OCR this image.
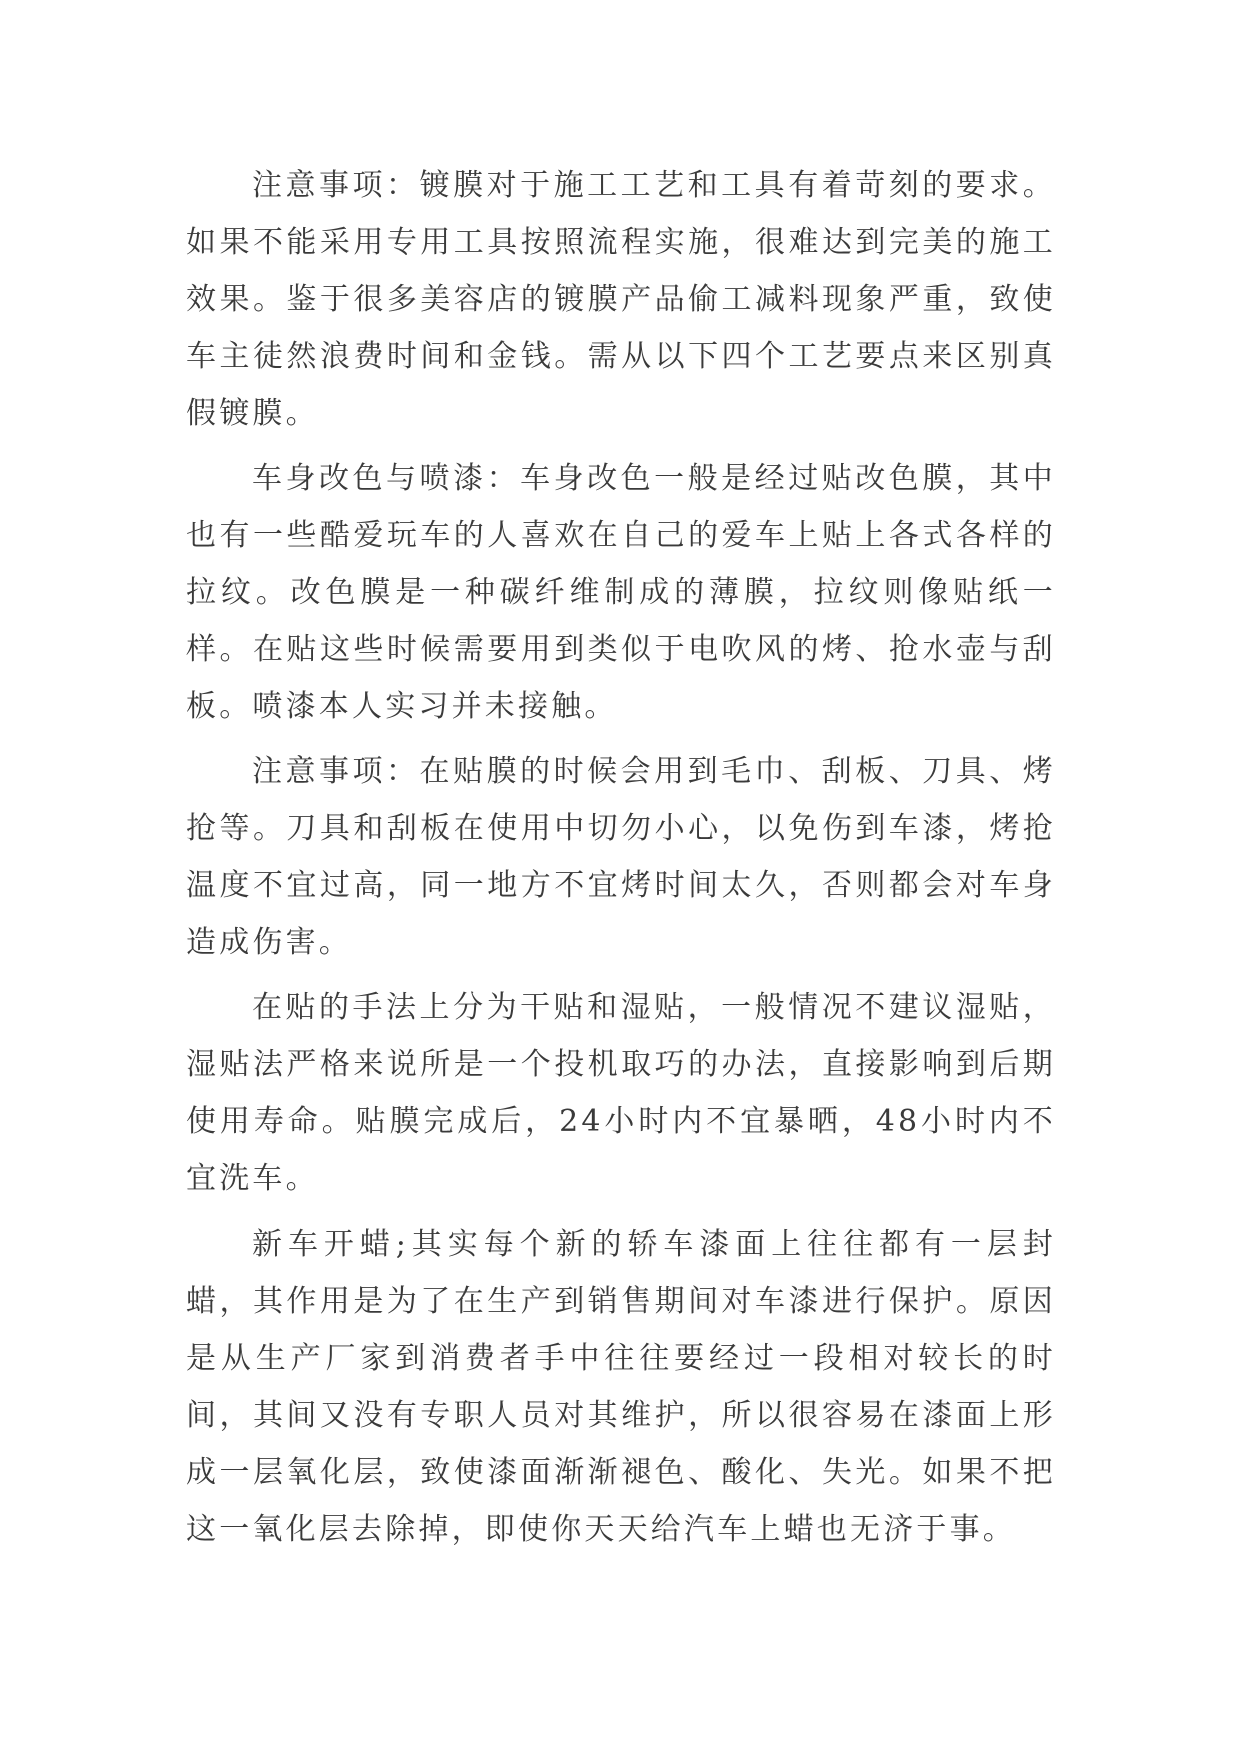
注意事项：镀膜对于施工工艺和工具有着苛刻的要求。如果不能采用专用工具按照流程实施，很难达到完美的施工效果。鉴于很多美容店的镀膜产品偷工减料现象严重，致使车主徒然浪费时间和金钱。需从以下四个工艺要点来区别真假镀膜。

车身改色与喷漆：车身改色一般是经过贴改色膜，其中也有一些酷爱玩车的人喜欢在自己的爱车上贴上各式各样的拉纹。改色膜是一种碳纤维制成的薄膜，拉纹则像贴纸一样。在贴这些时候需要用到类似于电吹风的烤、抢水壶与刮板。喷漆本人实习并未接触。

注意事项：在贴膜的时候会用到毛巾、刮板、刀具、烤抢等。刀具和刮板在使用中切勿小心，以免伤到车漆，烤抢温度不宜过高，同一地方不宜烤时间太久，否则都会对车身造成伤害。

在贴的手法上分为干贴和湿贴，一般情况不建议湿贴，湿贴法严格来说所是一个投机取巧的办法，直接影响到后期使用寿命。贴膜完成后，24小时内不宜暴晒，48小时内不宜洗车。

新车开蜡;其实每个新的轿车漆面上往往都有一层封蜡，其作用是为了在生产到销售期间对车漆进行保护。原因是从生产厂家到消费者手中往往要经过一段相对较长的时间，其间又没有专职人员对其维护，所以很容易在漆面上形成一层氧化层，致使漆面渐渐褪色、酸化、失光。如果不把这一氧化层去除掉，即使你天天给汽车上蜡也无济于事。
